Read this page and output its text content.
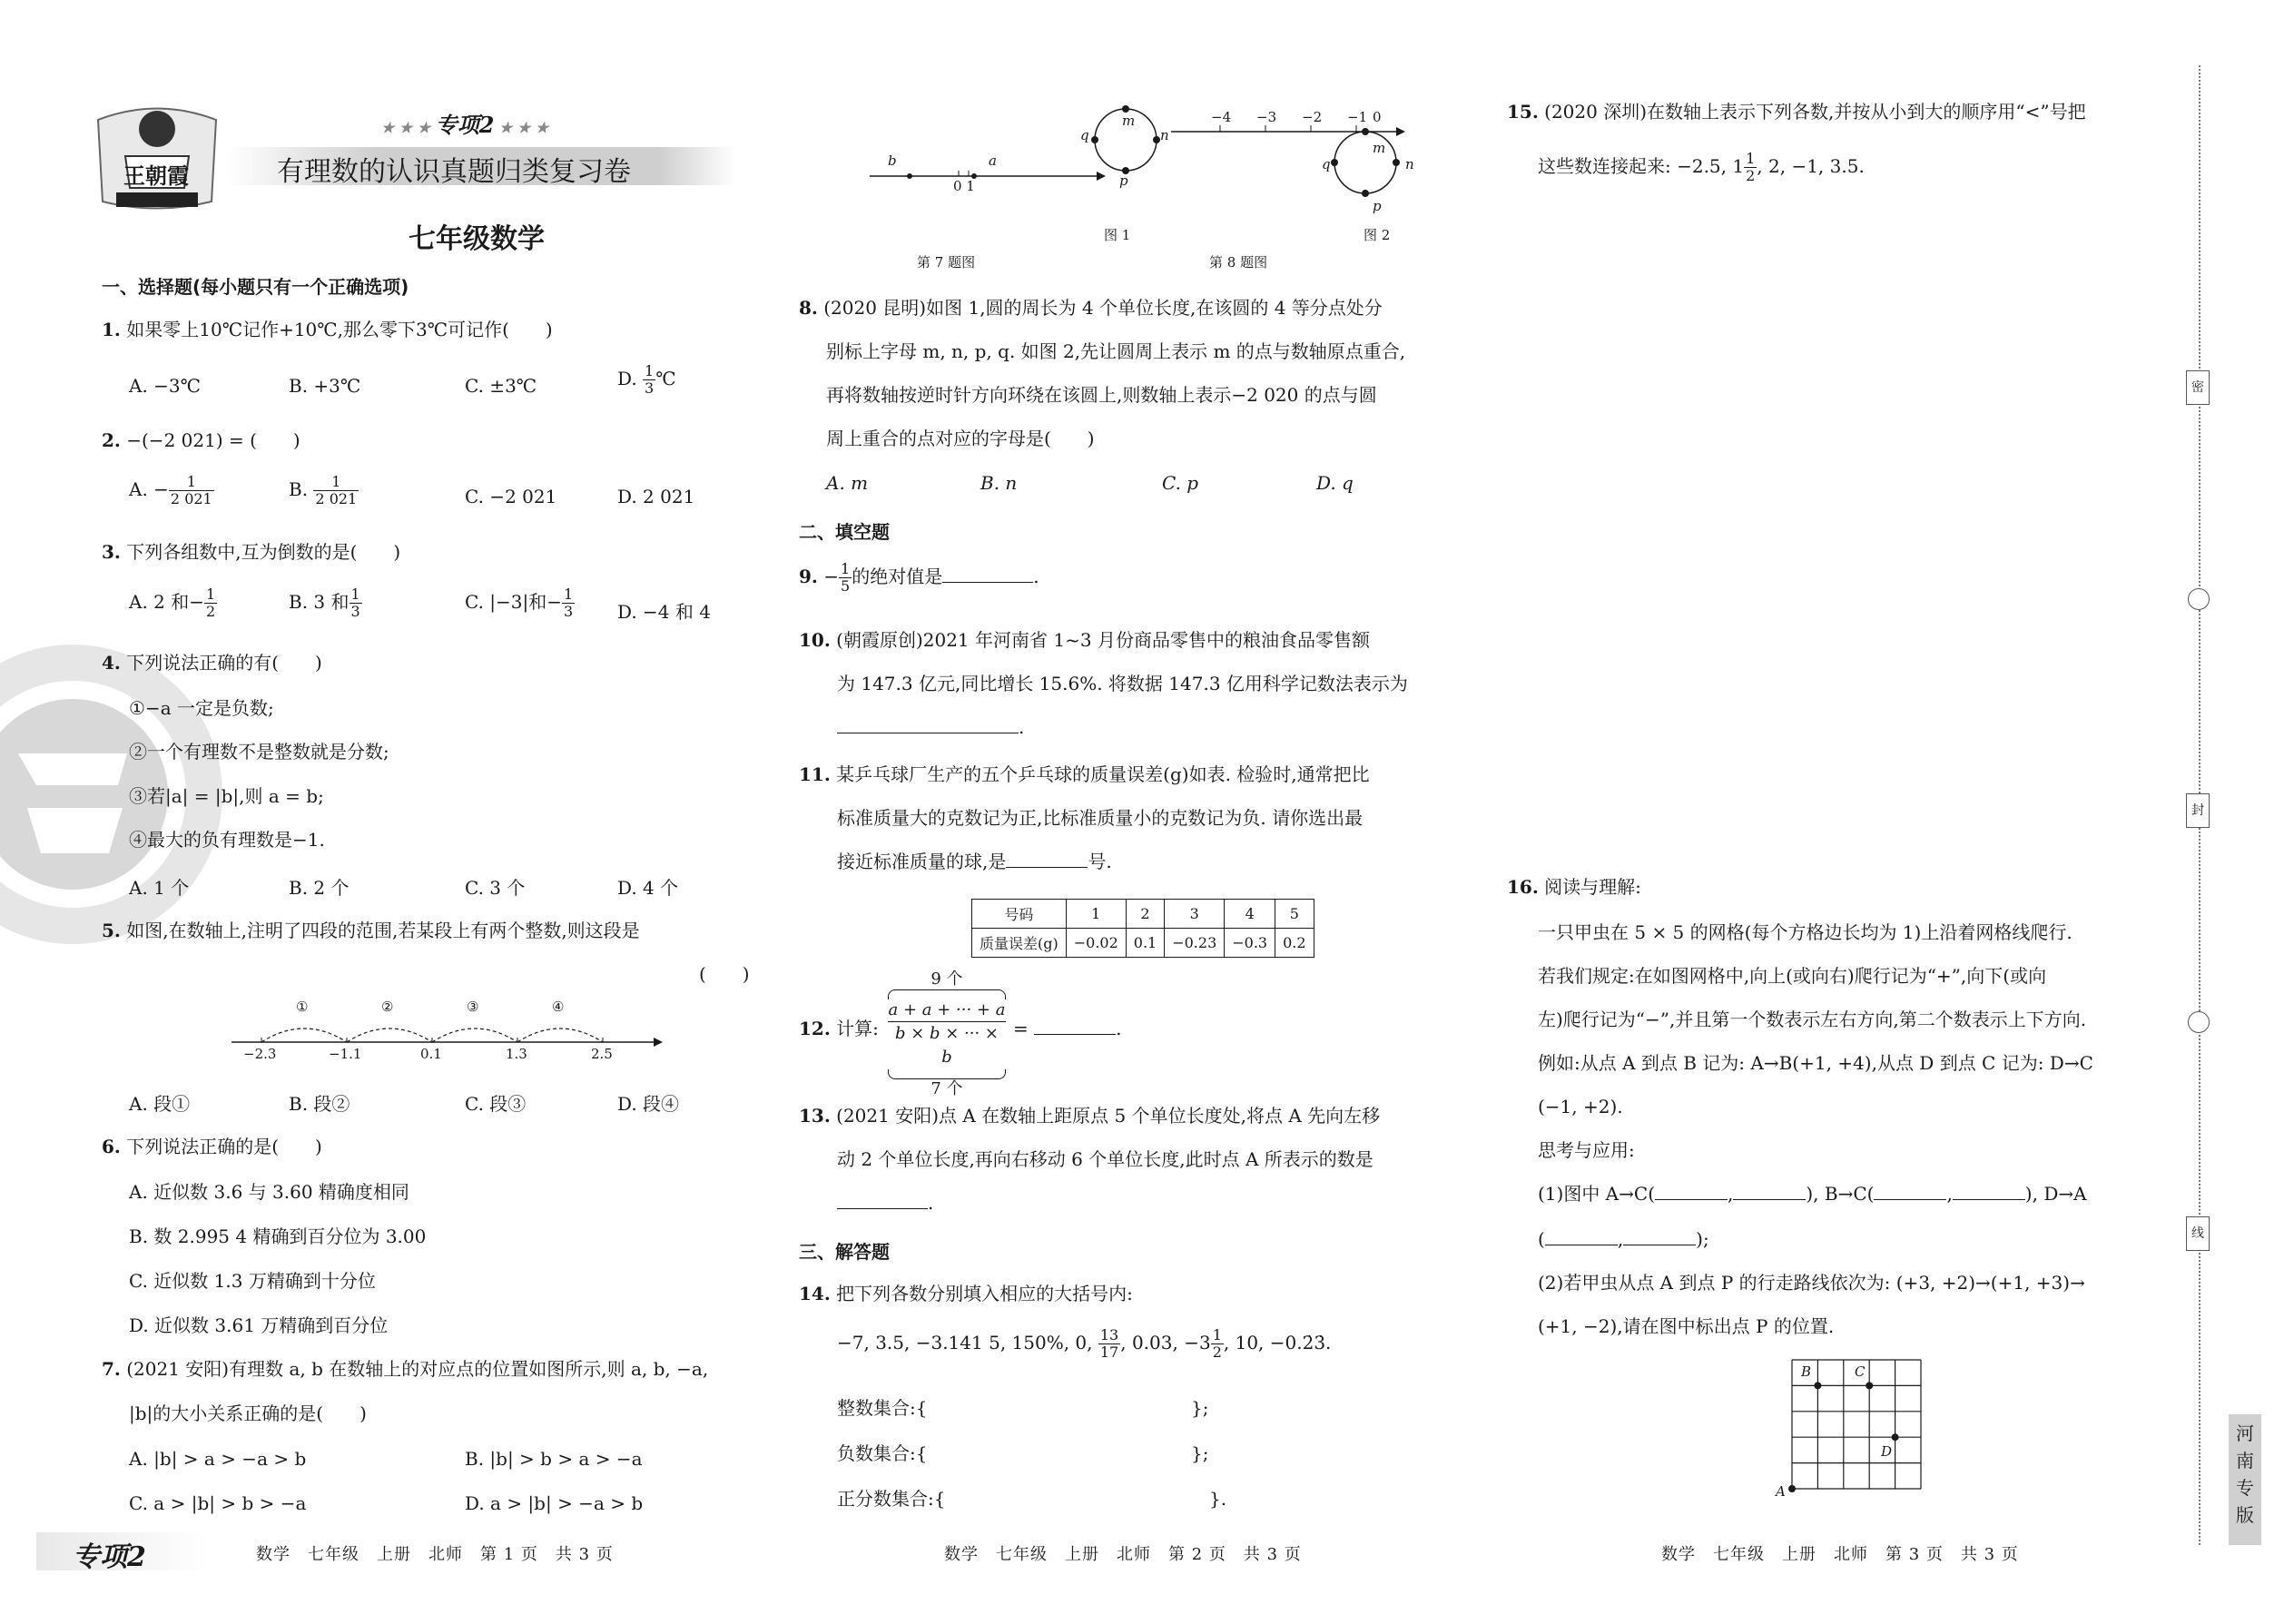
王朝霞
★ ★ ★ 专项2 ★ ★ ★
有理数的认识真题归类复习卷
七年级数学
一、选择题(每小题只有一个正确选项)
1. 如果零上10℃记作+10℃,那么零下3℃可记作(　　)
A. −3℃	B. +3℃	C. ±3℃	D. $\frac{1}{3}$ ℃
2. −(−2 021) = (　　)
A. − $\frac{1}{2 021}$	B. $\frac{1}{2 021}$	C. −2 021	D. 2 021
3. 下列各组数中,互为倒数的是(　　)
A. 2 和− $\frac{1}{2}$	B. 3 和 $\frac{1}{3}$	C. |−3|和− $\frac{1}{3} D$. −4 和 4
4. 下列说法正确的有(　　)
①−a 一定是负数;
②一个有理数不是整数就是分数;
③若|a| = |b|,则 a = b;
④最大的负有理数是−1.
A. 1 个	B. 2 个	C. 3 个	D. 4 个
5. 如图,在数轴上,注明了四段的范围,若某段上有两个整数,则这段是
(　　)
−2.3	−1.1	0.1	1.3	2.5
①	②	③	④
A. 段①	B. 段②	C. 段③	D. 段④
6. 下列说法正确的是(　　)
A. 近似数 3.6 与 3.60 精确度相同
B. 数 2.995 4 精确到百分位为 3.00
C. 近似数 1.3 万精确到十分位
D. 近似数 3.61 万精确到百分位
7. (2021 安阳)有理数 a, b 在数轴上的对应点的位置如图所示,则 a, b, −a,
|b|的大小关系正确的是(　　)
A. |b| > a > −a > b	B. |b| > b > a > −a
C. a > |b| > b > −a	D. a > |b| > −a > b
专项2	数学　七年级　上册　北师　第 1 页　共 3 页
b	a
0 1
第 7 题图
m
n
p
q
图 1
−4 −3 −2 −1 0
m
n
p
q
图 2
第 8 题图
8. (2020 昆明)如图 1,圆的周长为 4 个单位长度,在该圆的 4 等分点处分
别标上字母 m, n, p, q. 如图 2,先让圆周上表示 m 的点与数轴原点重合,
再将数轴按逆时针方向环绕在该圆上,则数轴上表示−2 020 的点与圆
周上重合的点对应的字母是(　　)
A. m	B. n	C. p	D. q
二、填空题
9. − $\frac{1}{5}$ 的绝对值是	.
10. (朝霞原创)2021 年河南省 1~3 月份商品零售中的粮油食品零售额
为 147.3 亿元,同比增长 15.6%. 将数据 147.3 亿用科学记数法表示为
.
11. 某乒乓球厂生产的五个乒乓球的质量误差(g)如表. 检验时,通常把比
标准质量大的克数记为正,比标准质量小的克数记为负. 请你选出最
接近标准质量的球,是	号.
号码	1	2	3	4	5
质量误差(g)	−0.02	0.1	−0.23	−0.3	0.2
12. 计算:
9 个
a + a + ··· + a
b × b × ··· × b
7 个
=	.
13. (2021 安阳)点 A 在数轴上距原点 5 个单位长度处,将点 A 先向左移
动 2 个单位长度,再向右移动 6 个单位长度,此时点 A 所表示的数是
.
三、解答题
14. 把下列各数分别填入相应的大括号内:
−7, 3.5, −3.141 5, 150%, 0, $\frac{13}{17}$ , 0.03, $-3 \frac{1}{2}$ , 10, −0.2̇3̇.
整数集合:{	};
负数集合:{	};
正分数集合:{	}.
数学　七年级　上册　北师　第 2 页　共 3 页
15. (2020 深圳)在数轴上表示下列各数,并按从小到大的顺序用“<”号把
这些数连接起来: −2.5, $1 \frac{1}{2}$ , 2, −1, 3.5.
16. 阅读与理解:
一只甲虫在 5 × 5 的网格(每个方格边长均为 1)上沿着网格线爬行.
若我们规定:在如图网格中,向上(或向右)爬行记为“+”,向下(或向
左)爬行记为“−”,并且第一个数表示左右方向,第二个数表示上下方向.
例如:从点 A 到点 B 记为: A→B(+1, +4),从点 D 到点 C 记为: D→C
(−1, +2).
思考与应用:
(1)图中 A→C(	,	), B→C(	,	), D→A
(	,	);
(2)若甲虫从点 A 到点 P 的行走路线依次为: (+3, +2)→(+1, +3)→
(+1, −2),请在图中标出点 P 的位置.
A
B	C
D
数学　七年级　上册　北师　第 3 页　共 3 页
密
封
线
河南专版
